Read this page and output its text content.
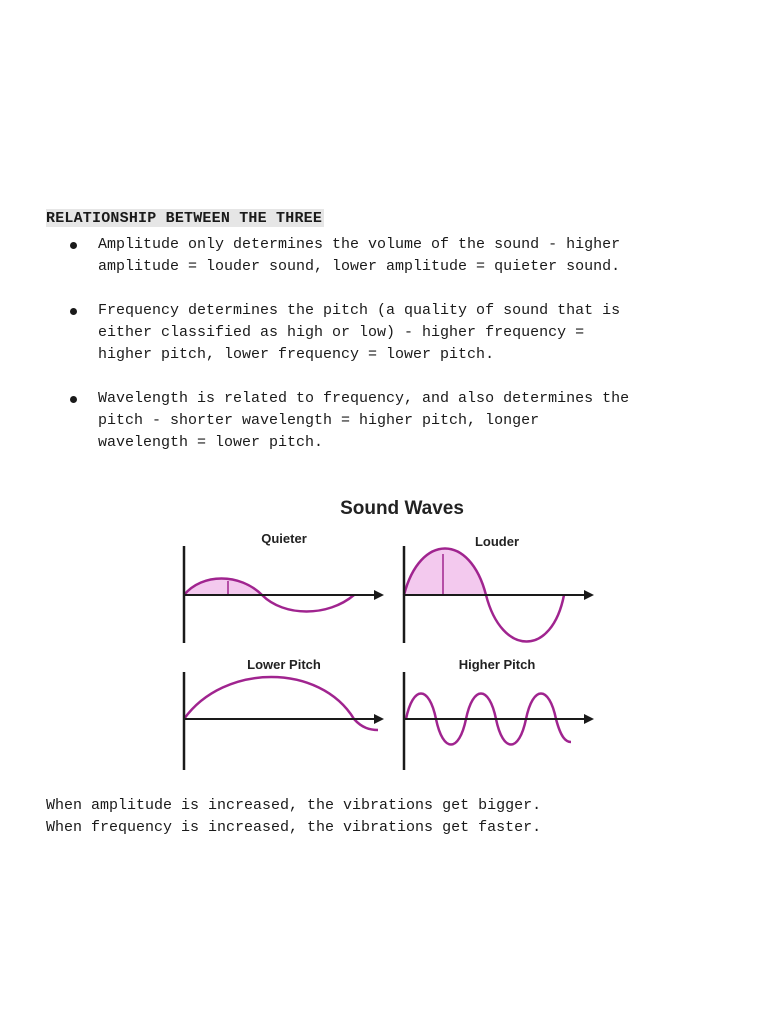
RELATIONSHIP BETWEEN THE THREE
Amplitude only determines the volume of the sound - higher
amplitude = louder sound, lower amplitude = quieter sound.
Frequency determines the pitch (a quality of sound that is
either classified as high or low) - higher frequency =
higher pitch, lower frequency = lower pitch.
Wavelength is related to frequency, and also determines the
pitch - shorter wavelength = higher pitch, longer
wavelength = lower pitch.
Sound Waves
Quieter	Louder
Lower Pitch	Higher Pitch
When amplitude is increased, the vibrations get bigger.
When frequency is increased, the vibrations get faster.
